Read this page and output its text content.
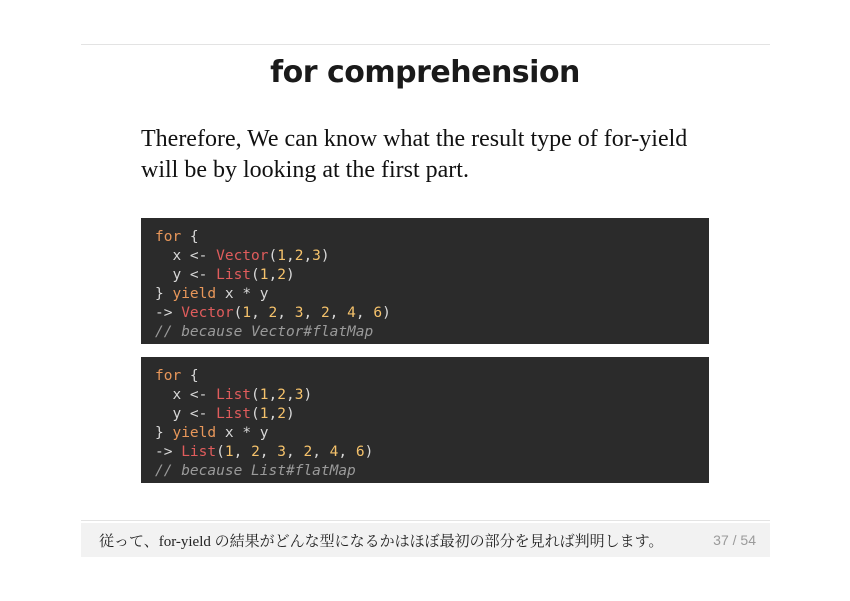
for comprehension
Therefore, We can know what the result type of for-yield will be by looking at the first part.
for {
x <- Vector(1,2,3)
y <- List(1,2)
} yield x * y
-> Vector(1, 2, 3, 2, 4, 6)
// because Vector#flatMap
for {
x <- List(1,2,3)
y <- List(1,2)
} yield x * y
-> List(1, 2, 3, 2, 4, 6)
// because List#flatMap
従って、for-yield の結果がどんな型になるかはほぼ最初の部分を見れば判明します。	37 / 54
